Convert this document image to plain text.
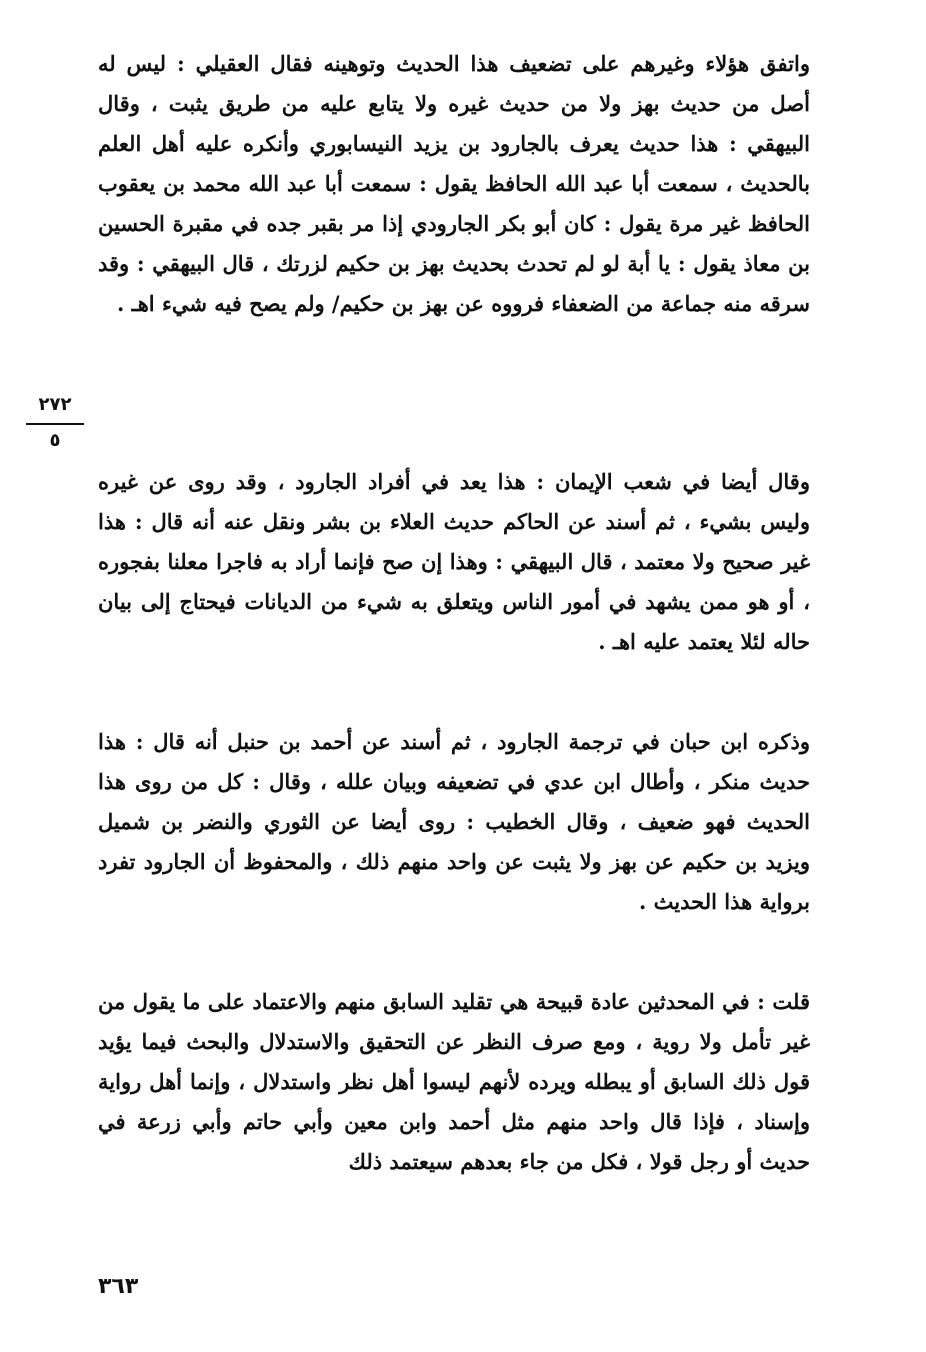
واتفق هؤلاء وغيرهم على تضعيف هذا الحديث وتوهينه فقال العقيلي : ليس له أصل من حديث بهز ولا من حديث غيره ولا يتابع عليه من طريق يثبت ، وقال البيهقي : هذا حديث يعرف بالجارود بن يزيد النيسابوري وأنكره عليه أهل العلم بالحديث ، سمعت أبا عبد الله الحافظ يقول : سمعت أبا عبد الله محمد بن يعقوب الحافظ غير مرة يقول : كان أبو بكر الجارودي إذا مر بقبر جده في مقبرة الحسين بن معاذ يقول : يا أبة لو لم تحدث بحديث بهز بن حكيم لزرتك ، قال البيهقي : وقد سرقه منه جماعة من الضعفاء فرووه عن بهز بن حكيم/ ولم يصح فيه شيء اهـ .

٢٧٢
٥

وقال أيضا في شعب الإيمان : هذا يعد في أفراد الجارود ، وقد روى عن غيره وليس بشيء ، ثم أسند عن الحاكم حديث العلاء بن بشر ونقل عنه أنه قال : هذا غير صحيح ولا معتمد ، قال البيهقي : وهذا إن صح فإنما أراد به فاجرا معلنا بفجوره ، أو هو ممن يشهد في أمور الناس ويتعلق به شيء من الديانات فيحتاج إلى بيان حاله لئلا يعتمد عليه اهـ .

وذكره ابن حبان في ترجمة الجارود ، ثم أسند عن أحمد بن حنبل أنه قال : هذا حديث منكر ، وأطال ابن عدي في تضعيفه وبيان علله ، وقال : كل من روى هذا الحديث فهو ضعيف ، وقال الخطيب : روى أيضا عن الثوري والنضر بن شميل ويزيد بن حكيم عن بهز ولا يثبت عن واحد منهم ذلك ، والمحفوظ أن الجارود تفرد برواية هذا الحديث .

قلت : في المحدثين عادة قبيحة هي تقليد السابق منهم والاعتماد على ما يقول من غير تأمل ولا روية ، ومع صرف النظر عن التحقيق والاستدلال والبحث فيما يؤيد قول ذلك السابق أو يبطله ويرده لأنهم ليسوا أهل نظر واستدلال ، وإنما أهل رواية وإسناد ، فإذا قال واحد منهم مثل أحمد وابن معين وأبي حاتم وأبي زرعة في حديث أو رجل قولا ، فكل من جاء بعدهم سيعتمد ذلك

٣٦٣
